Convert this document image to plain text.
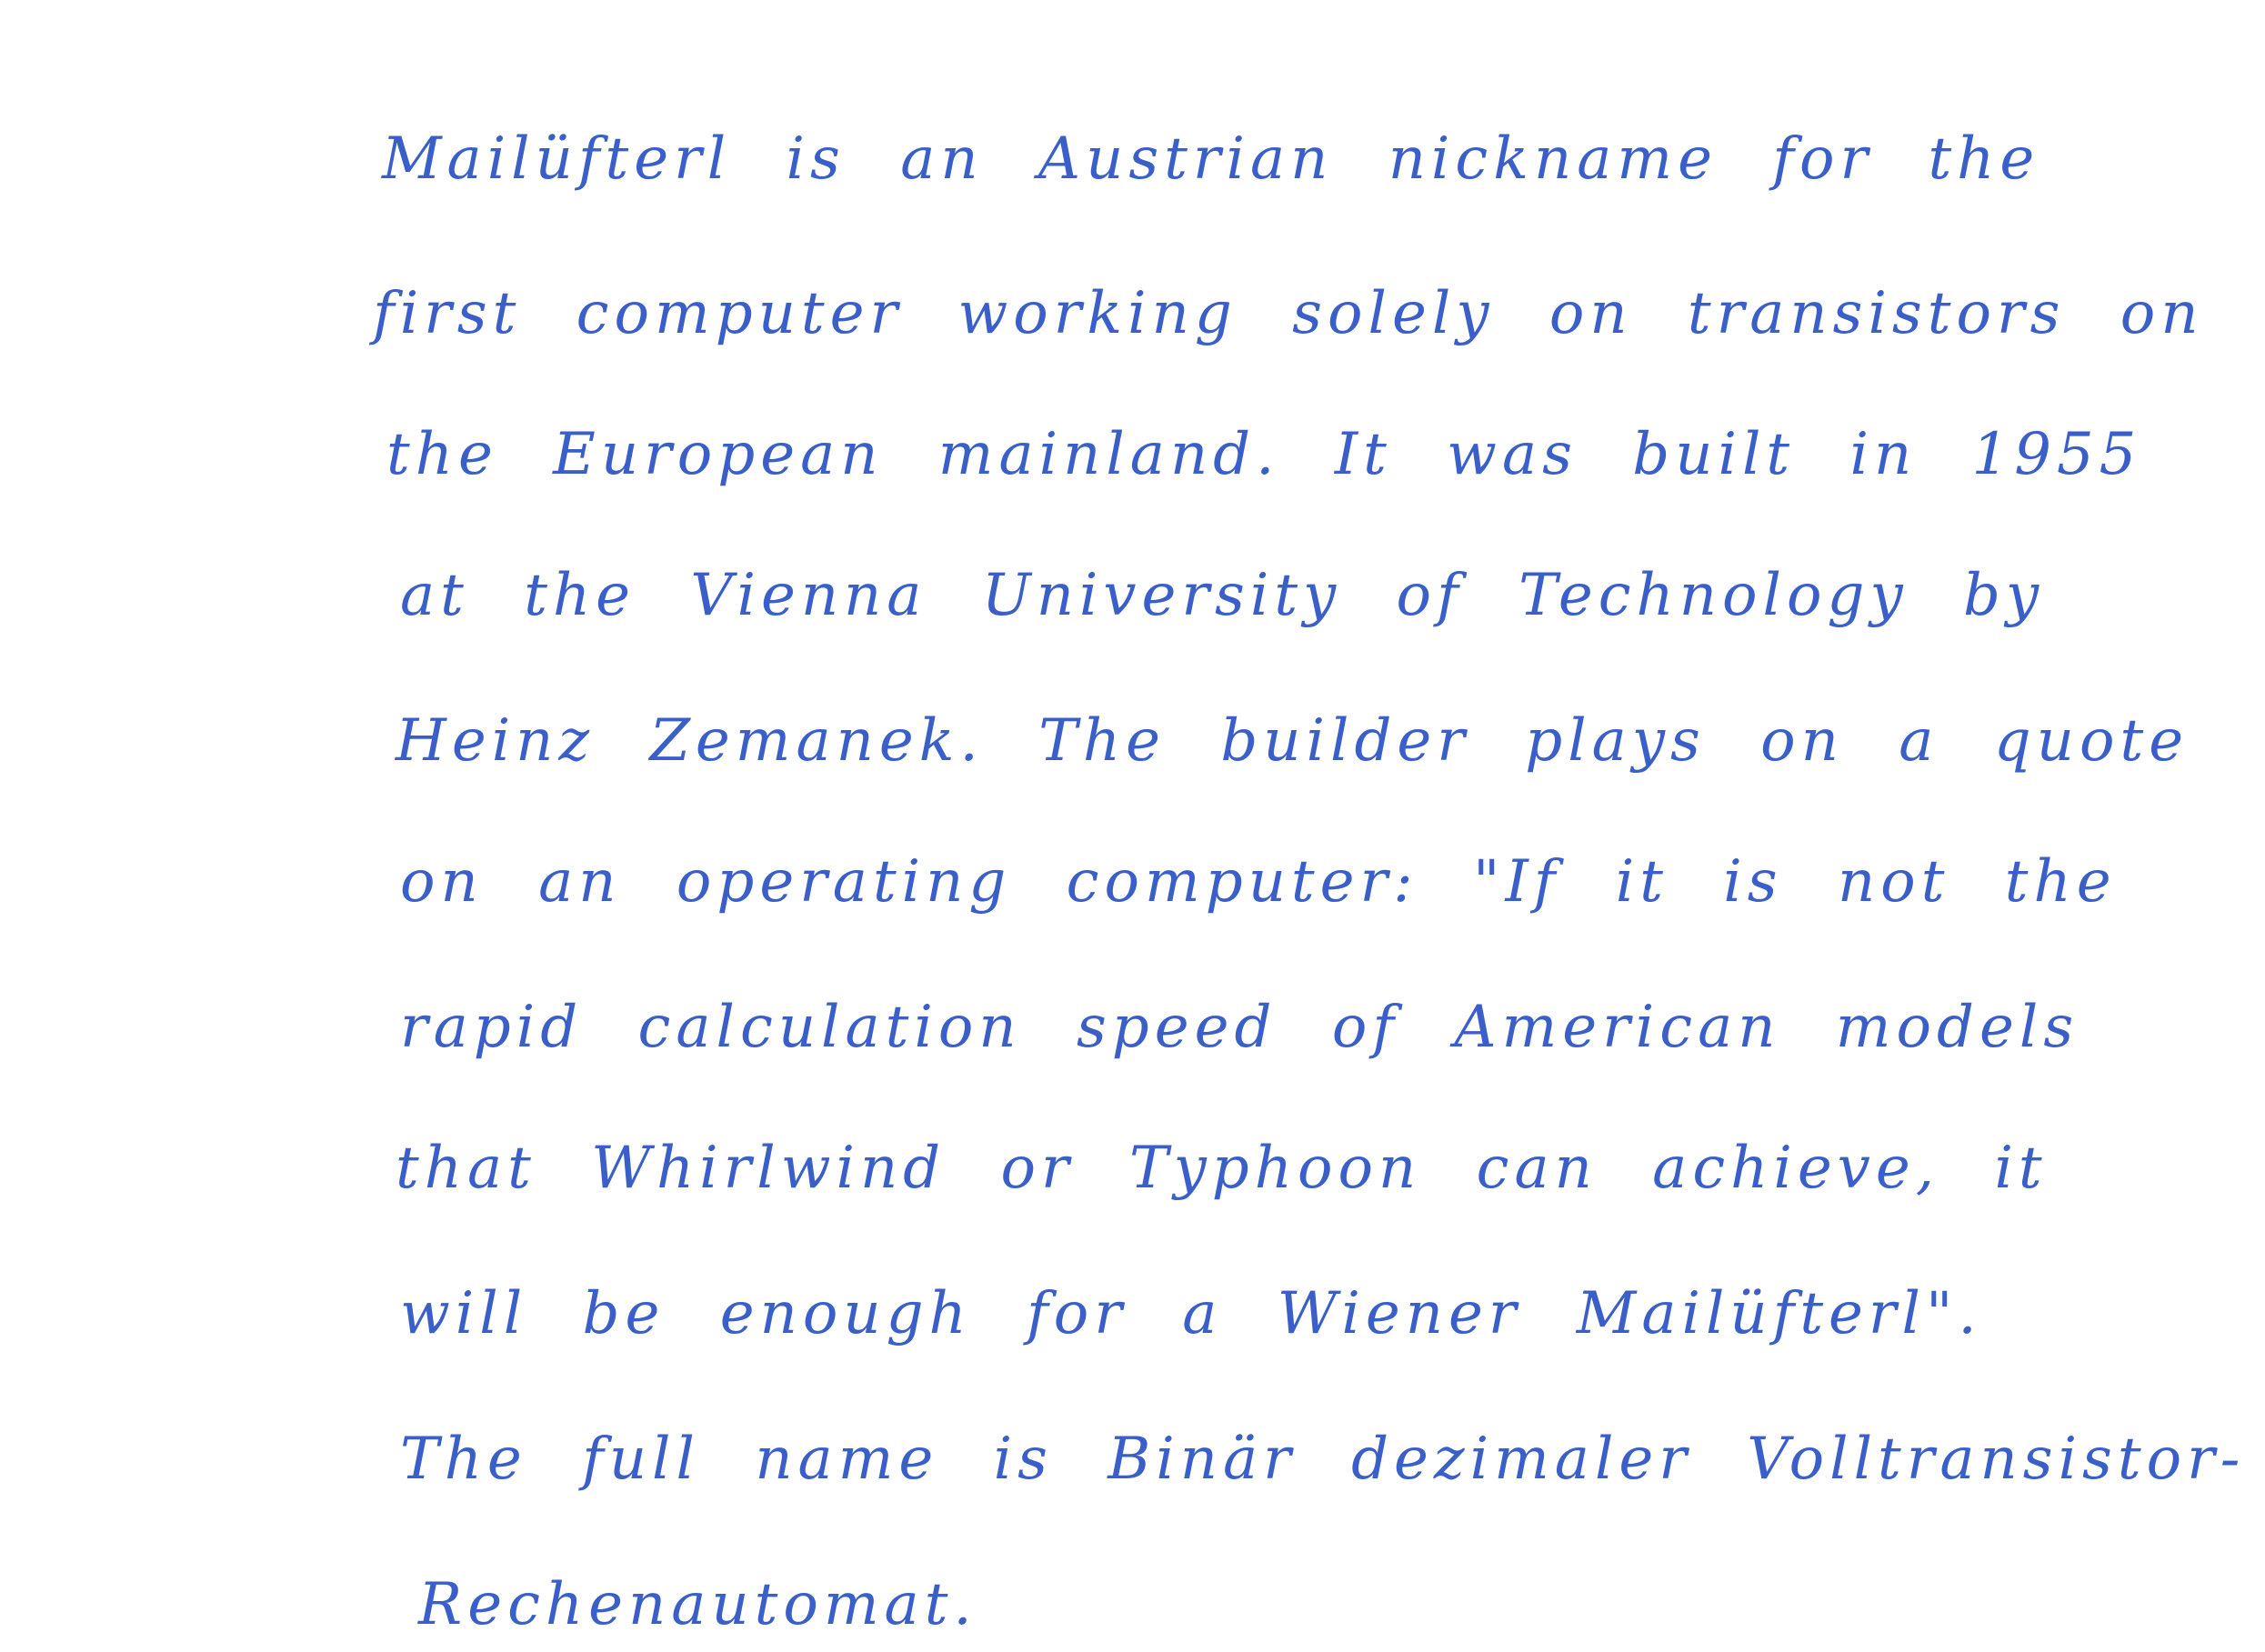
Mailüfterl is an Austrian nickname for the
first computer working solely on transistors on
the European mainland. It was built in 1955
at the Vienna University of Technology by
Heinz Zemanek. The builder plays on a quote
on an operating computer: "If it is not the
rapid calculation speed of American models
that Whirlwind or Typhoon can achieve, it
will be enough for a Wiener Mailüfterl".
The full name is Binär dezimaler Volltransistor-
Rechenautomat.
